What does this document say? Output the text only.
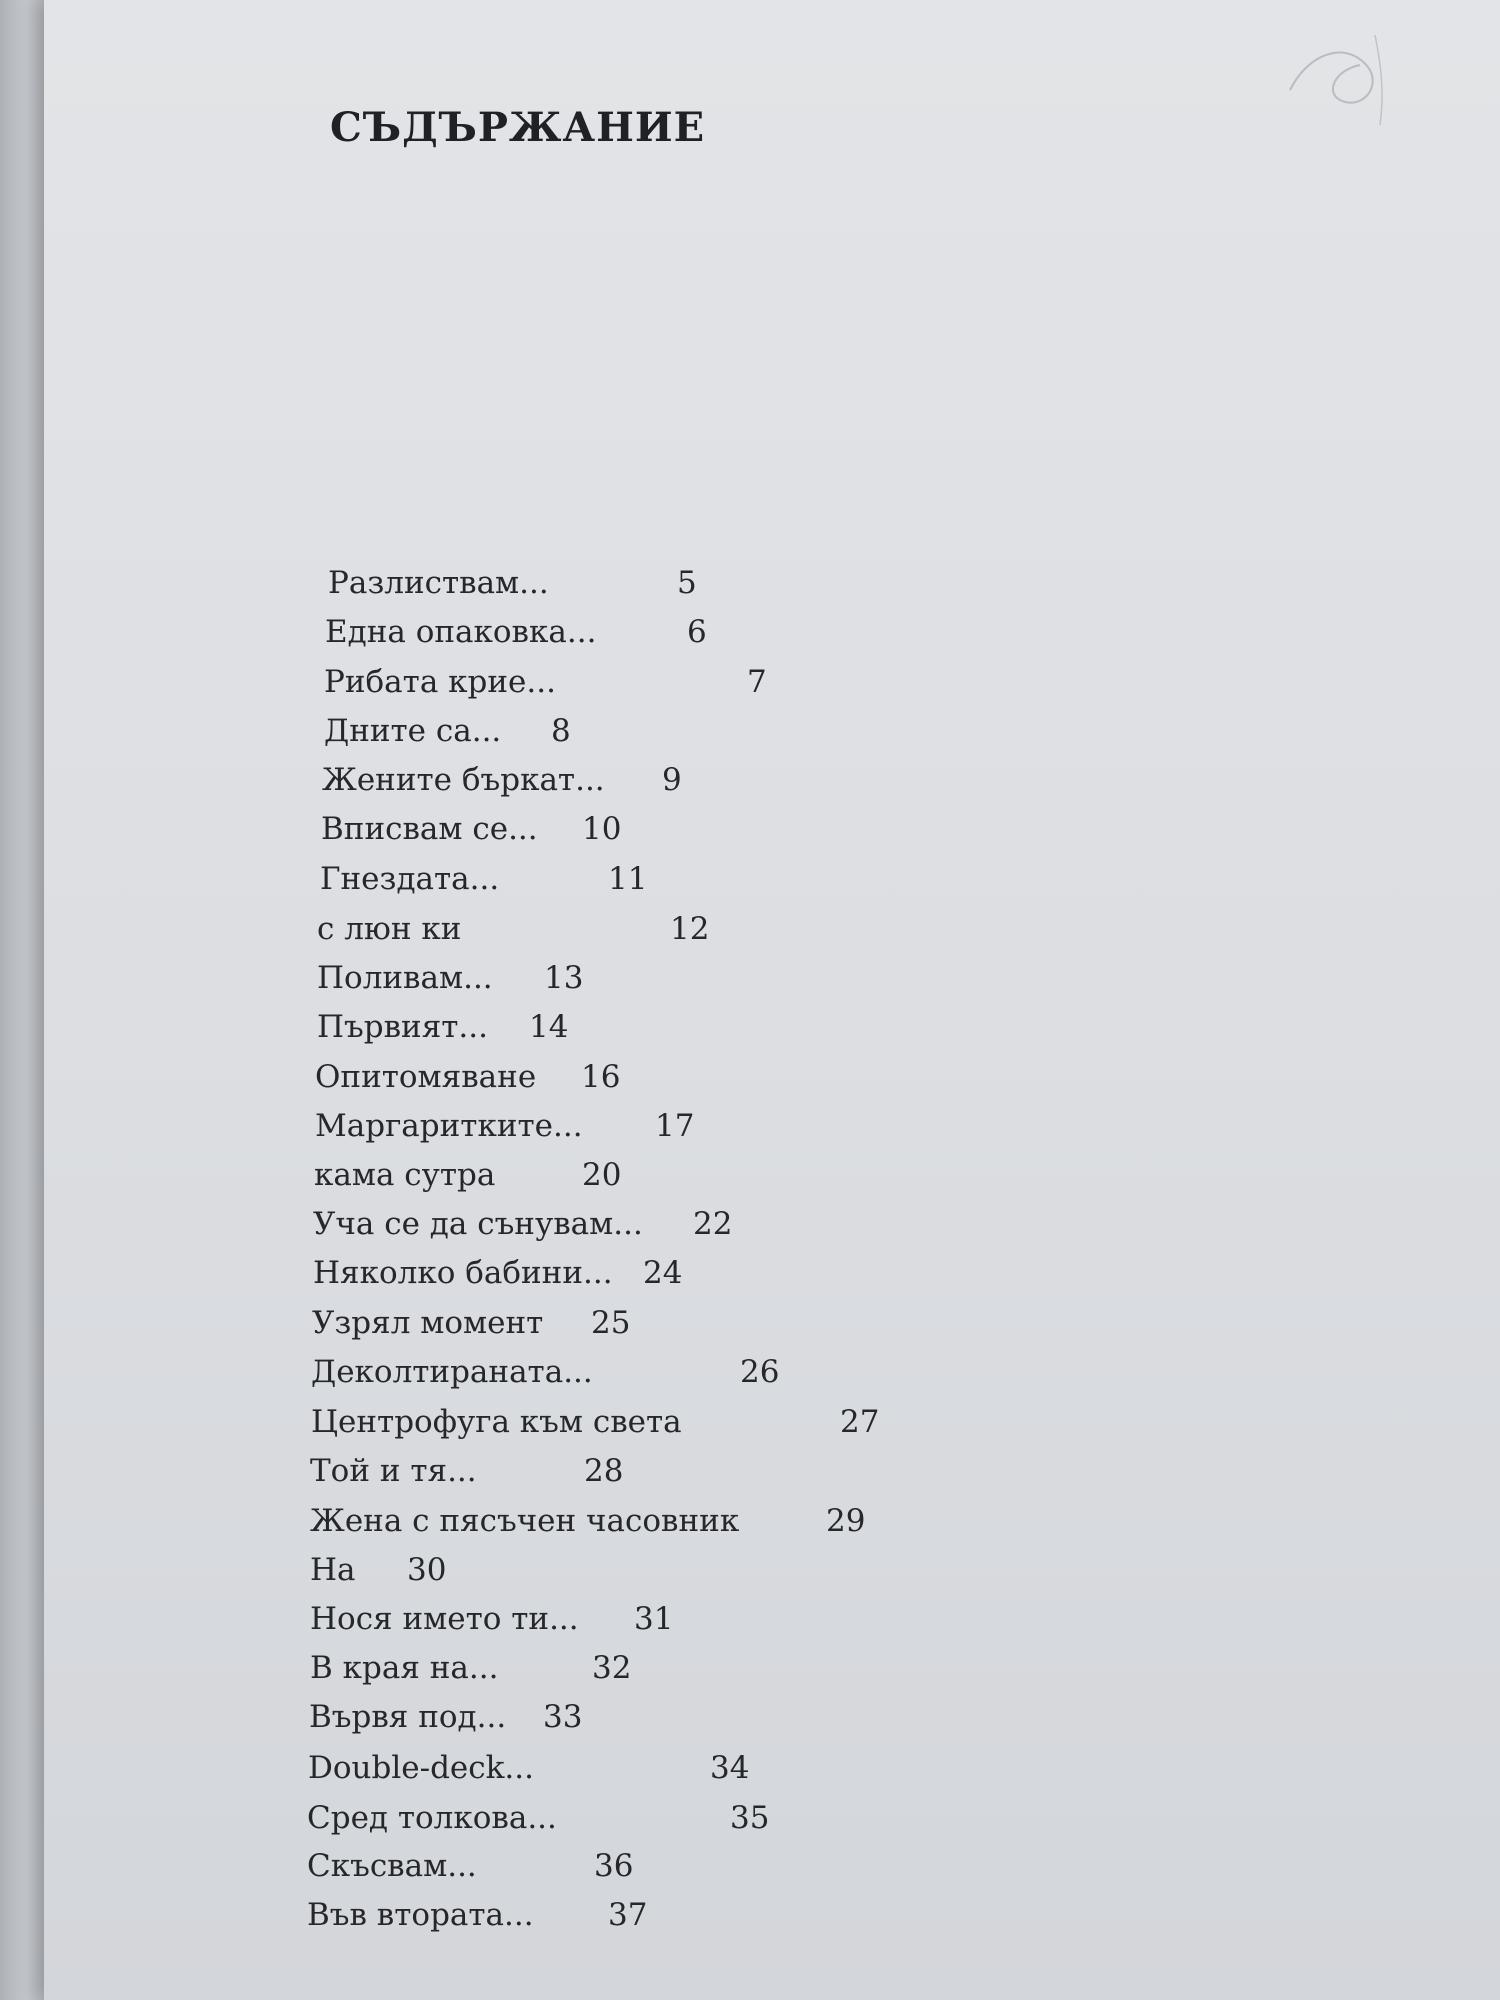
СЪДЪРЖАНИЕ
Разлиствам...	5
Една опаковка...	6
Рибата крие...	7
Дните са... 8
Жените бъркат... 9
Вписвам се... 10
Гнездата...	11
с люн ки	12
Поливам... 13
Първият... 14
Опитомяване 16
Маргаритките... 17
кама сутра	20
Уча се да сънувам... 22
Няколко бабини... 24
Узрял момент 25
Деколтираната...	26
Центрофуга към света	27
Той и тя...	28
Жена с пясъчен часовник	29
На 30
Нося името ти... 31
В края на...	32
Вървя под... 33
Double-deck...	34
Сред толкова...	35
Скъсвам...	36
Във втората... 37
